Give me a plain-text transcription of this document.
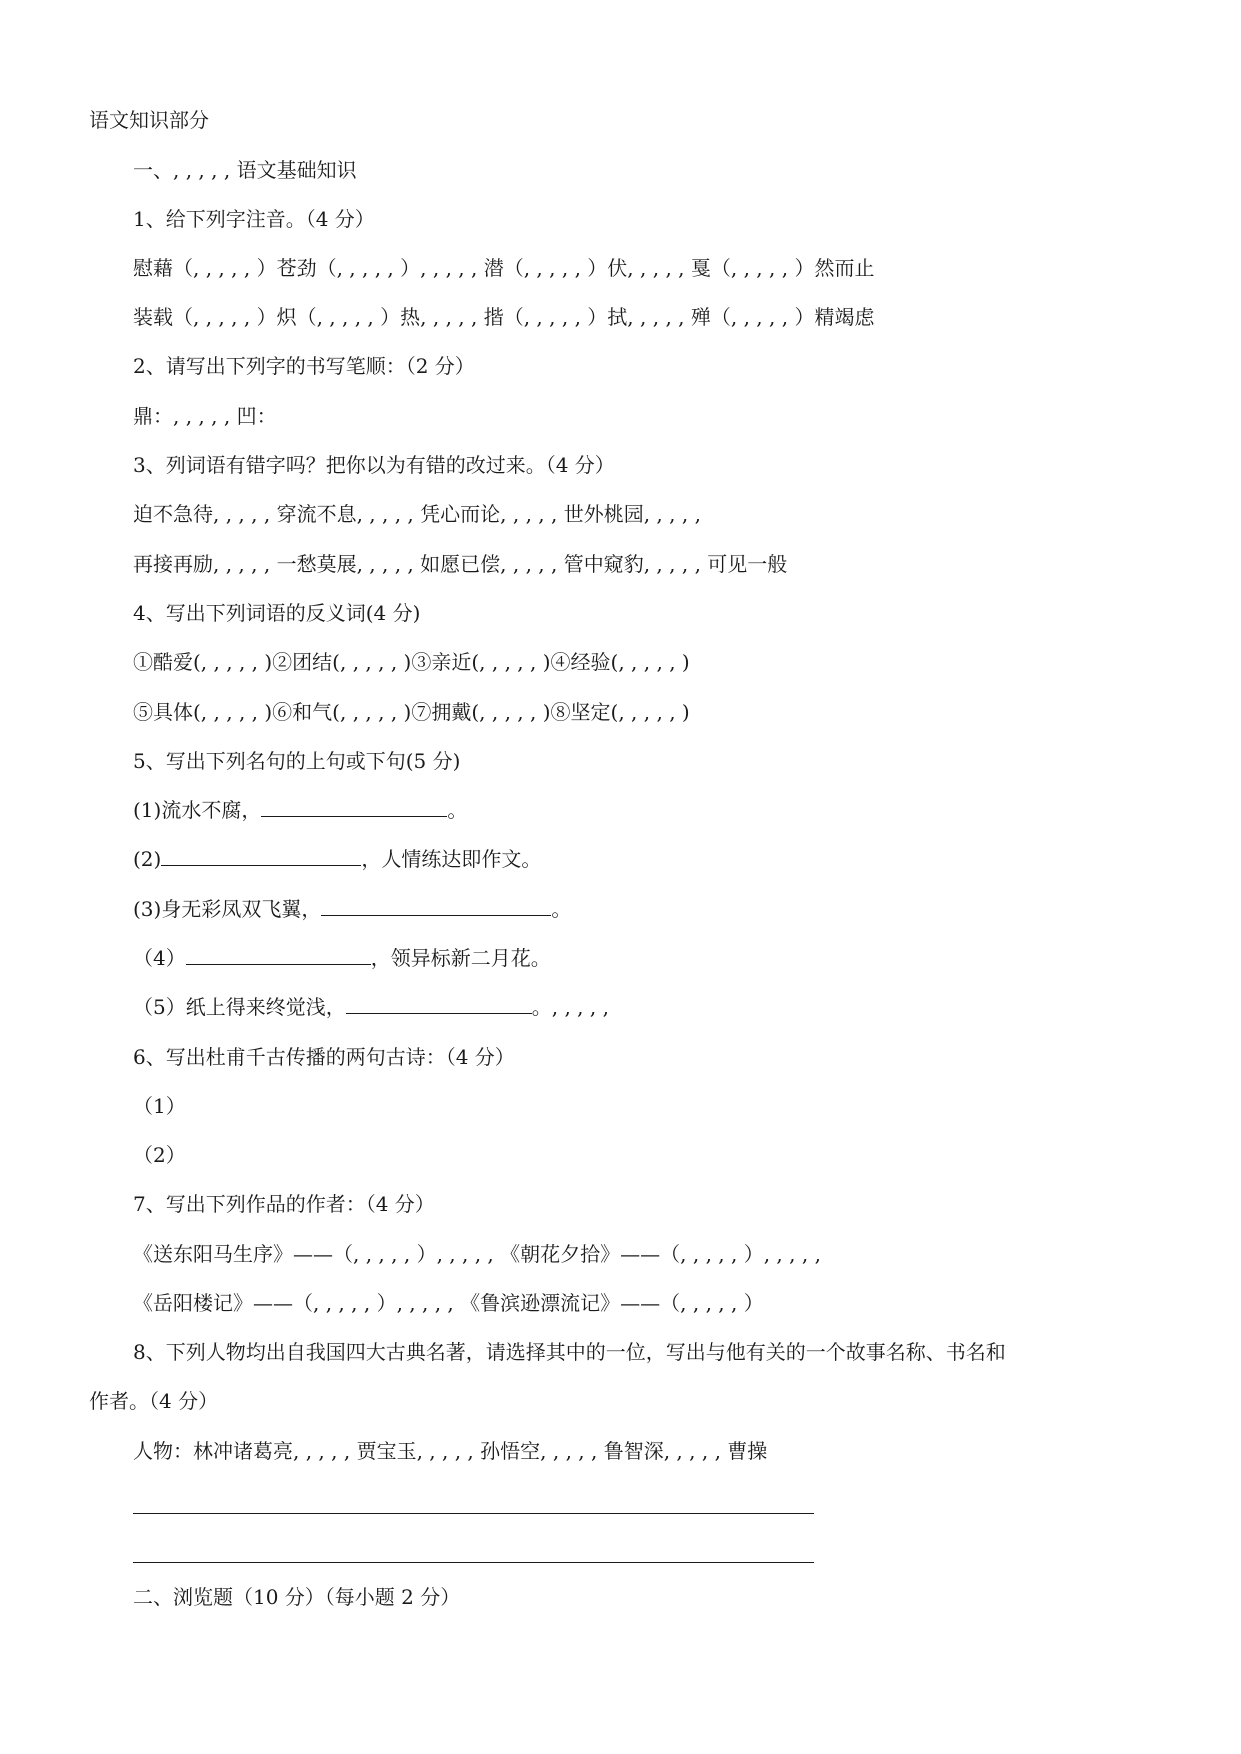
语文知识部分
一、, , , , , 语文基础知识
1、给下列字注音。（4 分）
慰藉（, , , , , ）苍劲（, , , , , ）, , , , , 潜（, , , , , ）伏, , , , , 戛（, , , , , ）然而止
装载（, , , , , ）炽（, , , , , ）热, , , , , 揩（, , , , , ）拭, , , , , 殚（, , , , , ）精竭虑
2、请写出下列字的书写笔顺：（2 分）
鼎：, , , , , 凹：
3、列词语有错字吗？把你以为有错的改过来。（4 分）
迫不急待, , , , , 穿流不息, , , , , 凭心而论, , , , , 世外桃园, , , , ,
再接再励, , , , , 一愁莫展, , , , , 如愿已偿, , , , , 管中窥豹, , , , , 可见一般
4、写出下列词语的反义词(4 分)
①酷爱(, , , , , )②团结(, , , , , )③亲近(, , , , , )④经验(, , , , , )
⑤具体(, , , , , )⑥和气(, , , , , )⑦拥戴(, , , , , )⑧坚定(, , , , , )
5、写出下列名句的上句或下句(5 分)
(1)流水不腐，	。
(2)	，人情练达即作文。
(3)身无彩凤双飞翼，	。
（4）	，领异标新二月花。
（5）纸上得来终觉浅，	。, , , , ,
6、写出杜甫千古传播的两句古诗：（4 分）
（1）
（2）
7、写出下列作品的作者：（4 分）
《送东阳马生序》——（, , , , , ）, , , , , 《朝花夕拾》——（, , , , , ）, , , , ,
《岳阳楼记》——（, , , , , ）, , , , , 《鲁滨逊漂流记》——（, , , , , ）
8、下列人物均出自我国四大古典名著，请选择其中的一位，写出与他有关的一个故事名称、书名和
作者。（4 分）
人物：林冲诸葛亮, , , , , 贾宝玉, , , , , 孙悟空, , , , , 鲁智深, , , , , 曹操
二、浏览题（10 分）（每小题 2 分）
